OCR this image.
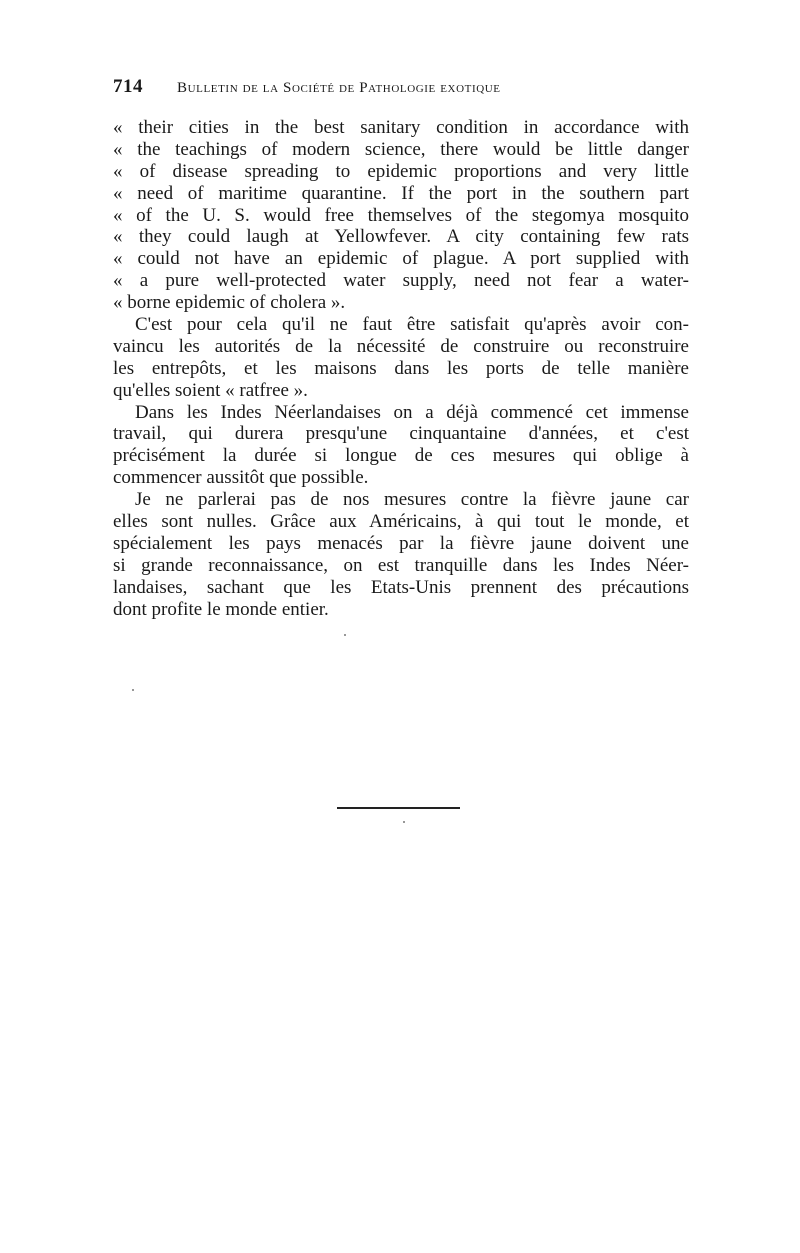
714 Bulletin de la Société de Pathologie exotique
« their cities in the best sanitary condition in accordance with
« the teachings of modern science, there would be little danger
« of disease spreading to epidemic proportions and very little
« need of maritime quarantine. If the port in the southern part
« of the U. S. would free themselves of the stegomya mosquito
« they could laugh at Yellowfever. A city containing few rats
« could not have an epidemic of plague. A port supplied with
« a pure well-protected water supply, need not fear a water-
« borne epidemic of cholera ».
C'est pour cela qu'il ne faut être satisfait qu'après avoir con-
vaincu les autorités de la nécessité de construire ou reconstruire
les entrepôts, et les maisons dans les ports de telle manière
qu'elles soient « ratfree ».
Dans les Indes Néerlandaises on a déjà commencé cet immense
travail, qui durera presqu'une cinquantaine d'années, et c'est
précisément la durée si longue de ces mesures qui oblige à
commencer aussitôt que possible.
Je ne parlerai pas de nos mesures contre la fièvre jaune car
elles sont nulles. Grâce aux Américains, à qui tout le monde, et
spécialement les pays menacés par la fièvre jaune doivent une
si grande reconnaissance, on est tranquille dans les Indes Néer-
landaises, sachant que les Etats-Unis prennent des précautions
dont profite le monde entier.
